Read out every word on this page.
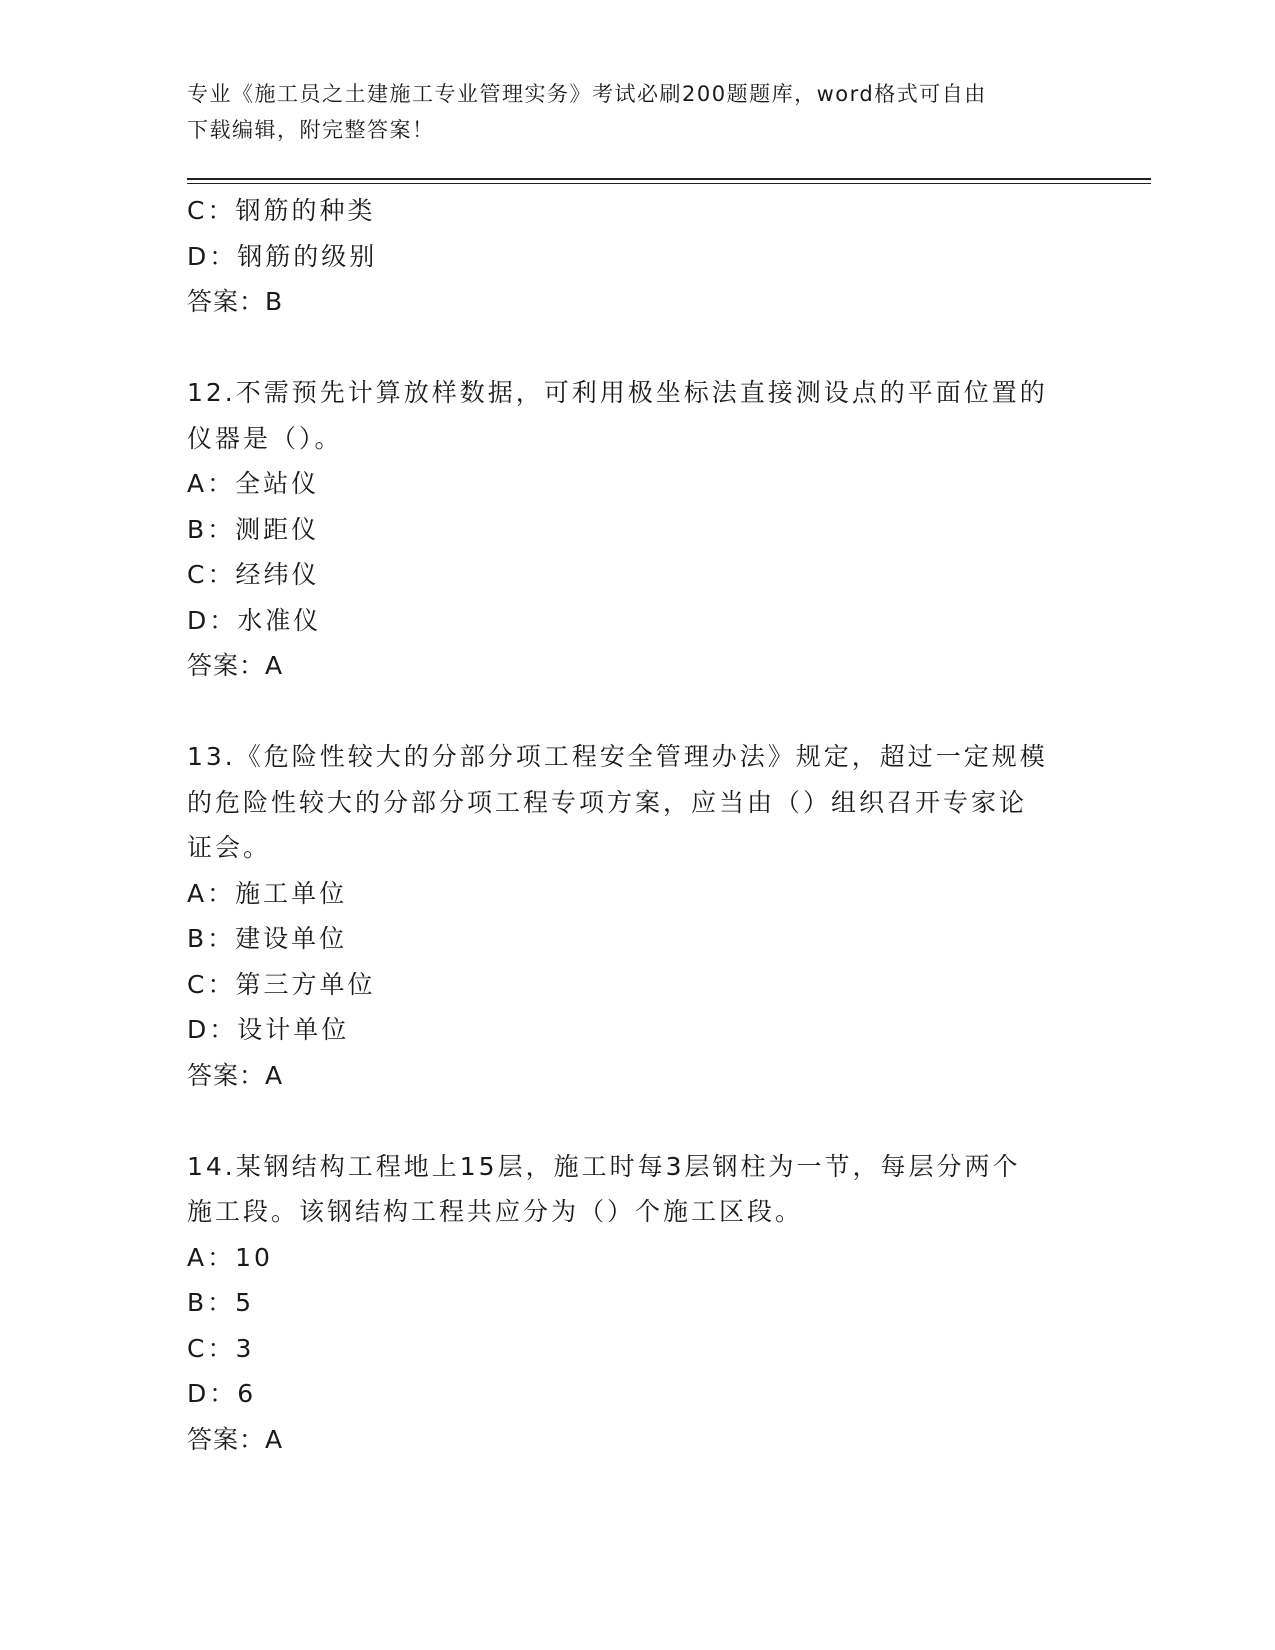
专业《施工员之土建施工专业管理实务》考试必刷200题题库，word格式可自由
下载编辑，附完整答案！
C：钢筋的种类
D：钢筋的级别
答案：B
12.不需预先计算放样数据，可利用极坐标法直接测设点的平面位置的
仪器是（）。
A：全站仪
B：测距仪
C：经纬仪
D：水准仪
答案：A
13.《危险性较大的分部分项工程安全管理办法》规定，超过一定规模
的危险性较大的分部分项工程专项方案，应当由（）组织召开专家论
证会。
A：施工单位
B：建设单位
C：第三方单位
D：设计单位
答案：A
14.某钢结构工程地上15层，施工时每3层钢柱为一节，每层分两个
施工段。该钢结构工程共应分为（）个施工区段。
A：10
B：5
C：3
D：6
答案：A
